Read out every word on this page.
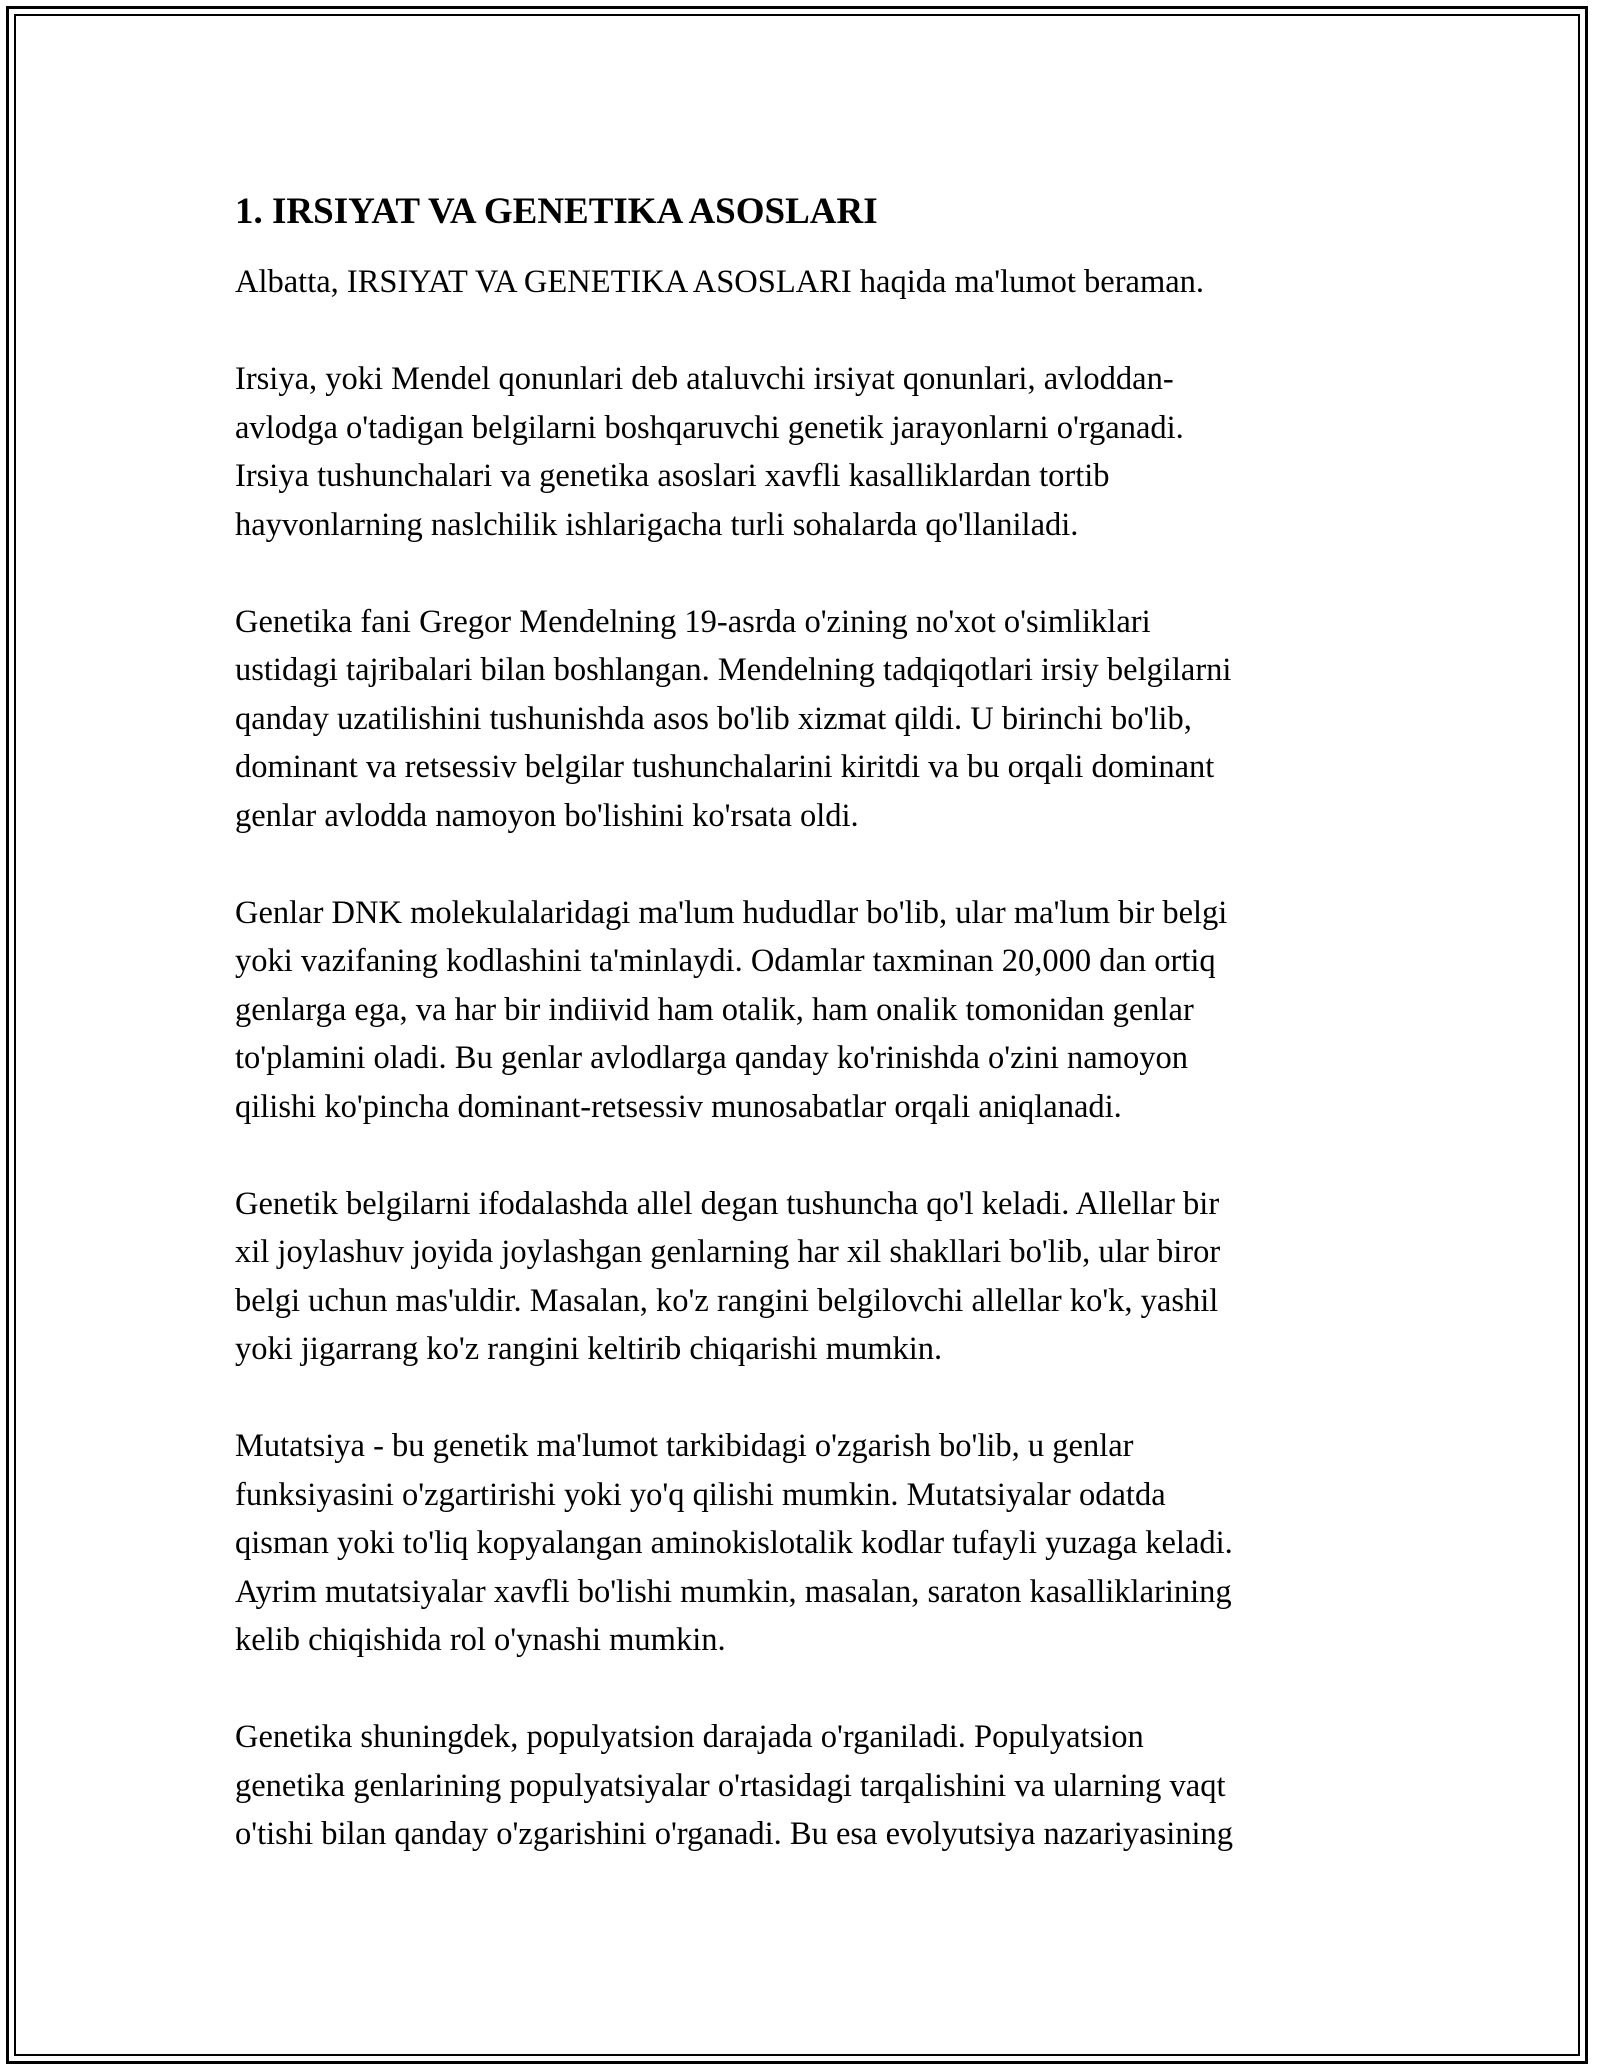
1. IRSIYAT VA GENETIKA ASOSLARI

Albatta, IRSIYAT VA GENETIKA ASOSLARI haqida ma'lumot beraman.

Irsiya, yoki Mendel qonunlari deb ataluvchi irsiyat qonunlari, avloddan-
avlodga o'tadigan belgilarni boshqaruvchi genetik jarayonlarni o'rganadi.
Irsiya tushunchalari va genetika asoslari xavfli kasalliklardan tortib
hayvonlarning naslchilik ishlarigacha turli sohalarda qo'llaniladi.

Genetika fani Gregor Mendelning 19-asrda o'zining no'xot o'simliklari
ustidagi tajribalari bilan boshlangan. Mendelning tadqiqotlari irsiy belgilarni
qanday uzatilishini tushunishda asos bo'lib xizmat qildi. U birinchi bo'lib,
dominant va retsessiv belgilar tushunchalarini kiritdi va bu orqali dominant
genlar avlodda namoyon bo'lishini ko'rsata oldi.

Genlar DNK molekulalaridagi ma'lum hududlar bo'lib, ular ma'lum bir belgi
yoki vazifaning kodlashini ta'minlaydi. Odamlar taxminan 20,000 dan ortiq
genlarga ega, va har bir indiivid ham otalik, ham onalik tomonidan genlar
to'plamini oladi. Bu genlar avlodlarga qanday ko'rinishda o'zini namoyon
qilishi ko'pincha dominant-retsessiv munosabatlar orqali aniqlanadi.

Genetik belgilarni ifodalashda allel degan tushuncha qo'l keladi. Allellar bir
xil joylashuv joyida joylashgan genlarning har xil shakllari bo'lib, ular biror
belgi uchun mas'uldir. Masalan, ko'z rangini belgilovchi allellar ko'k, yashil
yoki jigarrang ko'z rangini keltirib chiqarishi mumkin.

Mutatsiya - bu genetik ma'lumot tarkibidagi o'zgarish bo'lib, u genlar
funksiyasini o'zgartirishi yoki yo'q qilishi mumkin. Mutatsiyalar odatda
qisman yoki to'liq kopyalangan aminokislotalik kodlar tufayli yuzaga keladi.
Ayrim mutatsiyalar xavfli bo'lishi mumkin, masalan, saraton kasalliklarining
kelib chiqishida rol o'ynashi mumkin.

Genetika shuningdek, populyatsion darajada o'rganiladi. Populyatsion
genetika genlarining populyatsiyalar o'rtasidagi tarqalishini va ularning vaqt
o'tishi bilan qanday o'zgarishini o'rganadi. Bu esa evolyutsiya nazariyasining
